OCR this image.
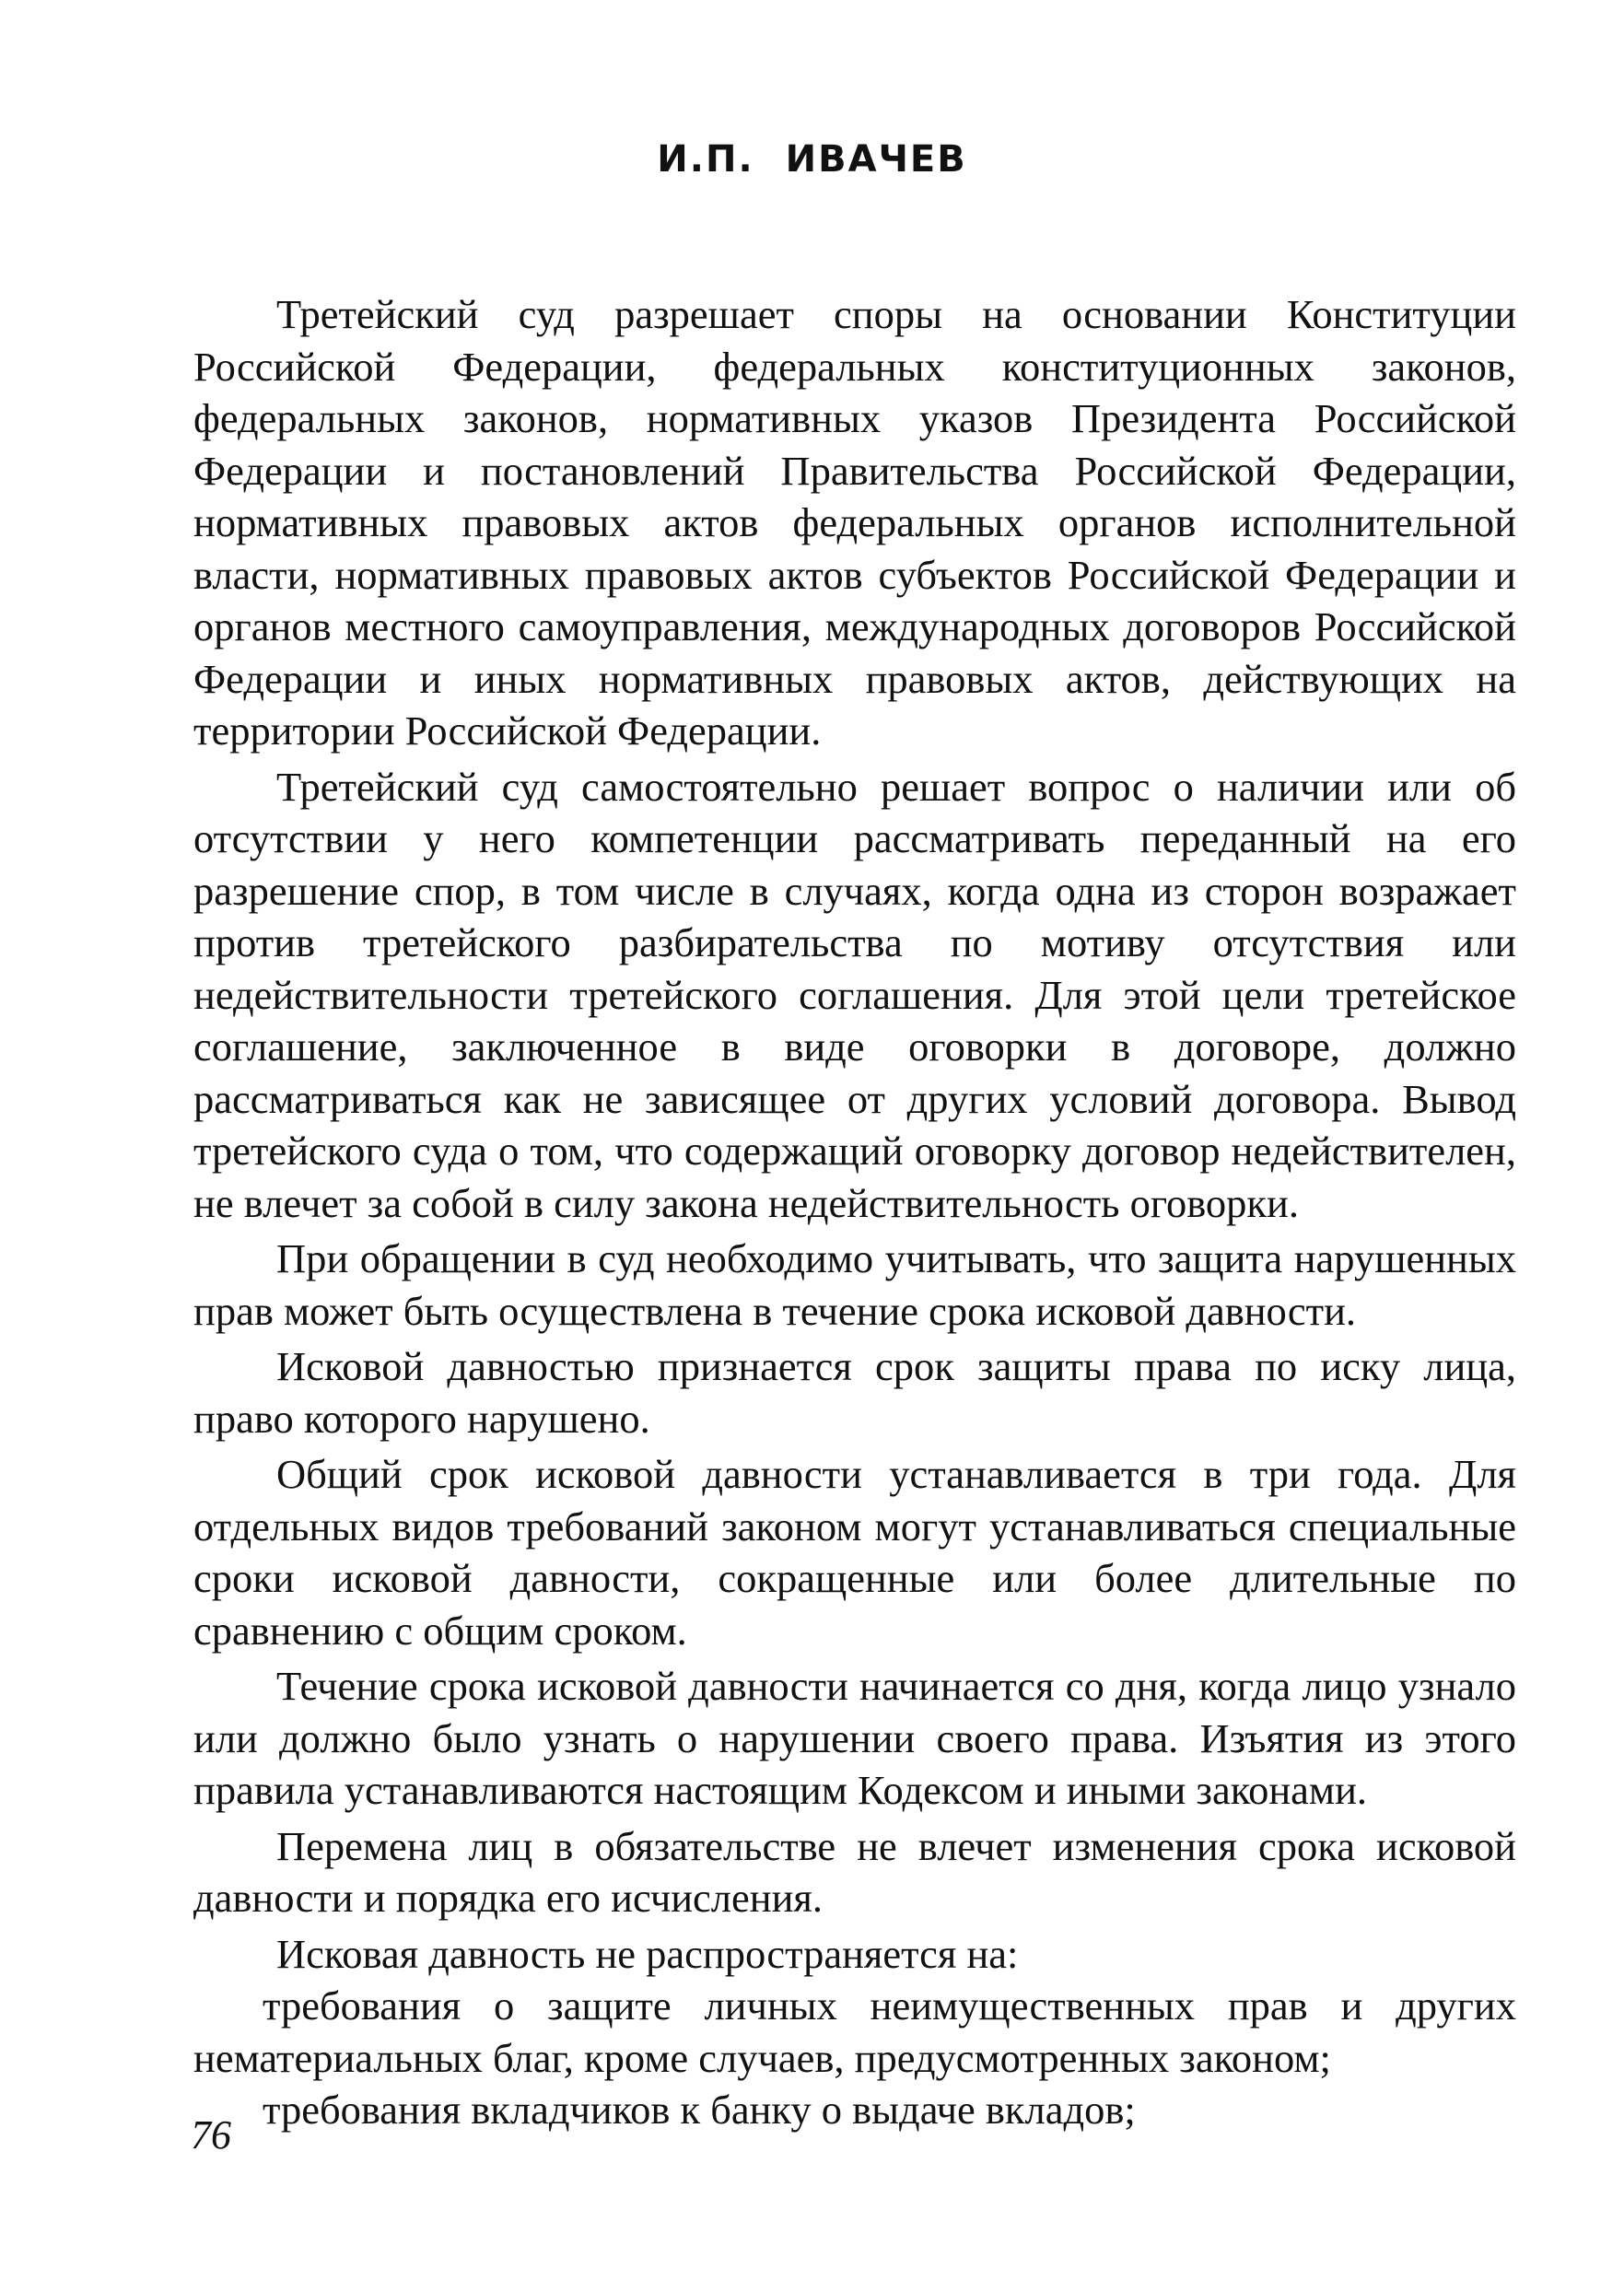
И.П. ИВАЧЕВ

Третейский суд разрешает споры на основании Конституции Российской Федерации, федеральных конституционных законов, федеральных законов, нормативных указов Президента Российской Федерации и постановлений Правительства Российской Федерации, нормативных правовых актов федеральных органов исполнительной власти, нормативных правовых актов субъектов Российской Федерации и органов местного самоуправления, международных договоров Российской Федерации и иных нормативных правовых актов, действующих на территории Российской Федерации.

Третейский суд самостоятельно решает вопрос о наличии или об отсутствии у него компетенции рассматривать переданный на его разрешение спор, в том числе в случаях, когда одна из сторон возражает против третейского разбирательства по мотиву отсутствия или недействительности третейского соглашения. Для этой цели третейское соглашение, заключенное в виде оговорки в договоре, должно рассматриваться как не зависящее от других условий договора. Вывод третейского суда о том, что содержащий оговорку договор недействителен, не влечет за собой в силу закона недействительность оговорки.

При обращении в суд необходимо учитывать, что защита нарушенных прав может быть осуществлена в течение срока исковой давности.

Исковой давностью признается срок защиты права по иску лица, право которого нарушено.

Общий срок исковой давности устанавливается в три года. Для отдельных видов требований законом могут устанавливаться специальные сроки исковой давности, сокращенные или более длительные по сравнению с общим сроком.

Течение срока исковой давности начинается со дня, когда лицо узнало или должно было узнать о нарушении своего права. Изъятия из этого правила устанавливаются настоящим Кодексом и иными законами.

Перемена лиц в обязательстве не влечет изменения срока исковой давности и порядка его исчисления.

Исковая давность не распространяется на:

требования о защите личных неимущественных прав и других нематериальных благ, кроме случаев, предусмотренных законом;

требования вкладчиков к банку о выдаче вкладов;

76
